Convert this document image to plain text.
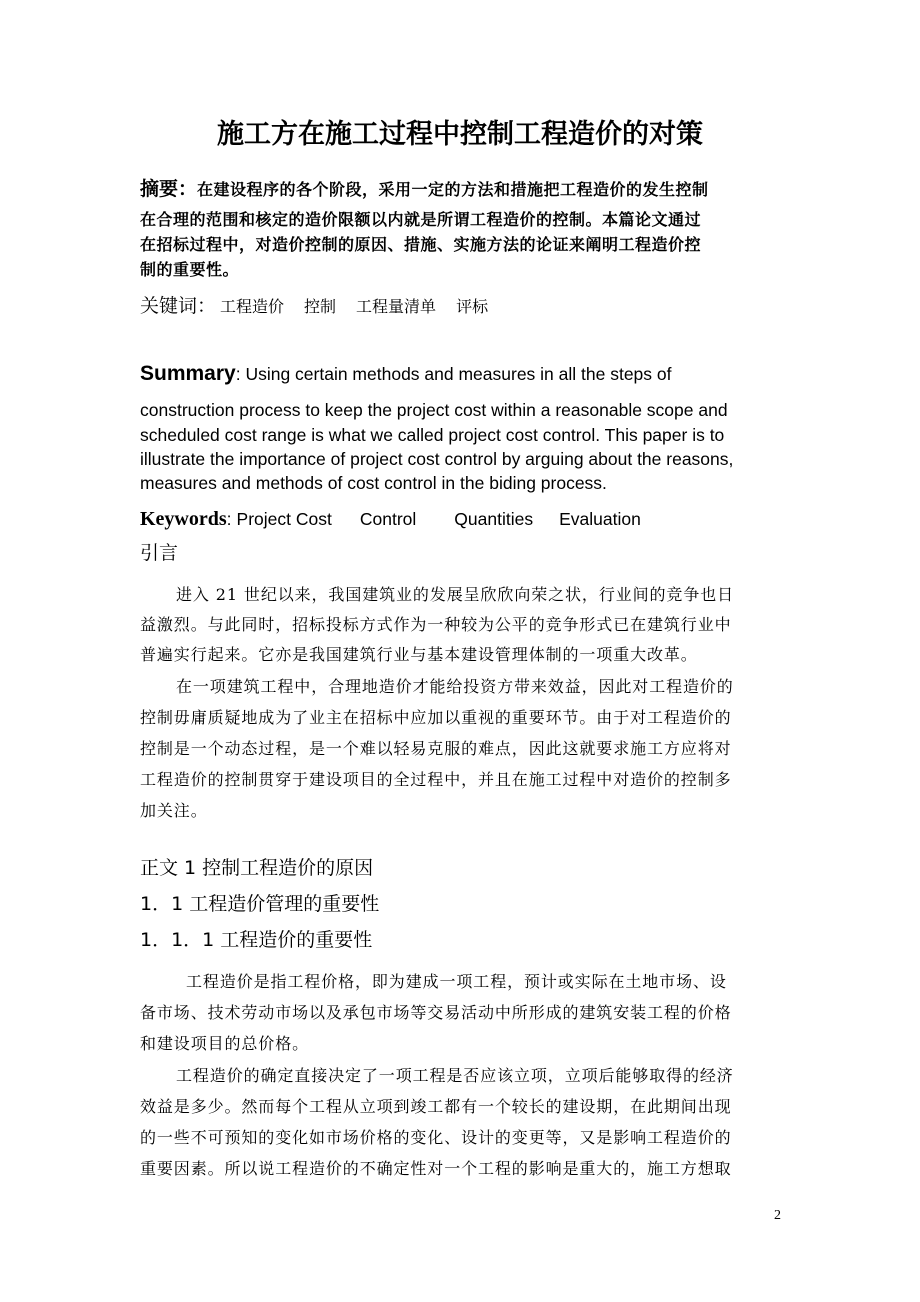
施工方在施工过程中控制工程造价的对策
摘要：在建设程序的各个阶段，采用一定的方法和措施把工程造价的发生控制
在合理的范围和核定的造价限额以内就是所谓工程造价的控制。本篇论文通过
在招标过程中，对造价控制的原因、措施、实施方法的论证来阐明工程造价控
制的重要性。
关键词： 工程造价 控制 工程量清单 评标
Summary: Using certain methods and measures in all the steps of
construction process to keep the project cost within a reasonable scope and
scheduled cost range is what we called project cost control. This paper is to
illustrate the importance of project cost control by arguing about the reasons,
measures and methods of cost control in the biding process.
Keywords: Project Cost Control Quantities Evaluation
引言
进入 21 世纪以来，我国建筑业的发展呈欣欣向荣之状，行业间的竞争也日
益激烈。与此同时，招标投标方式作为一种较为公平的竞争形式已在建筑行业中
普遍实行起来。它亦是我国建筑行业与基本建设管理体制的一项重大改革。
在一项建筑工程中，合理地造价才能给投资方带来效益，因此对工程造价的
控制毋庸质疑地成为了业主在招标中应加以重视的重要环节。由于对工程造价的
控制是一个动态过程，是一个难以轻易克服的难点，因此这就要求施工方应将对
工程造价的控制贯穿于建设项目的全过程中，并且在施工过程中对造价的控制多
加关注。
正文 1 控制工程造价的原因
1．1 工程造价管理的重要性
1．1．1 工程造价的重要性
工程造价是指工程价格，即为建成一项工程，预计或实际在土地市场、设
备市场、技术劳动市场以及承包市场等交易活动中所形成的建筑安装工程的价格
和建设项目的总价格。
工程造价的确定直接决定了一项工程是否应该立项，立项后能够取得的经济
效益是多少。然而每个工程从立项到竣工都有一个较长的建设期，在此期间出现
的一些不可预知的变化如市场价格的变化、设计的变更等，又是影响工程造价的
重要因素。所以说工程造价的不确定性对一个工程的影响是重大的，施工方想取
2
